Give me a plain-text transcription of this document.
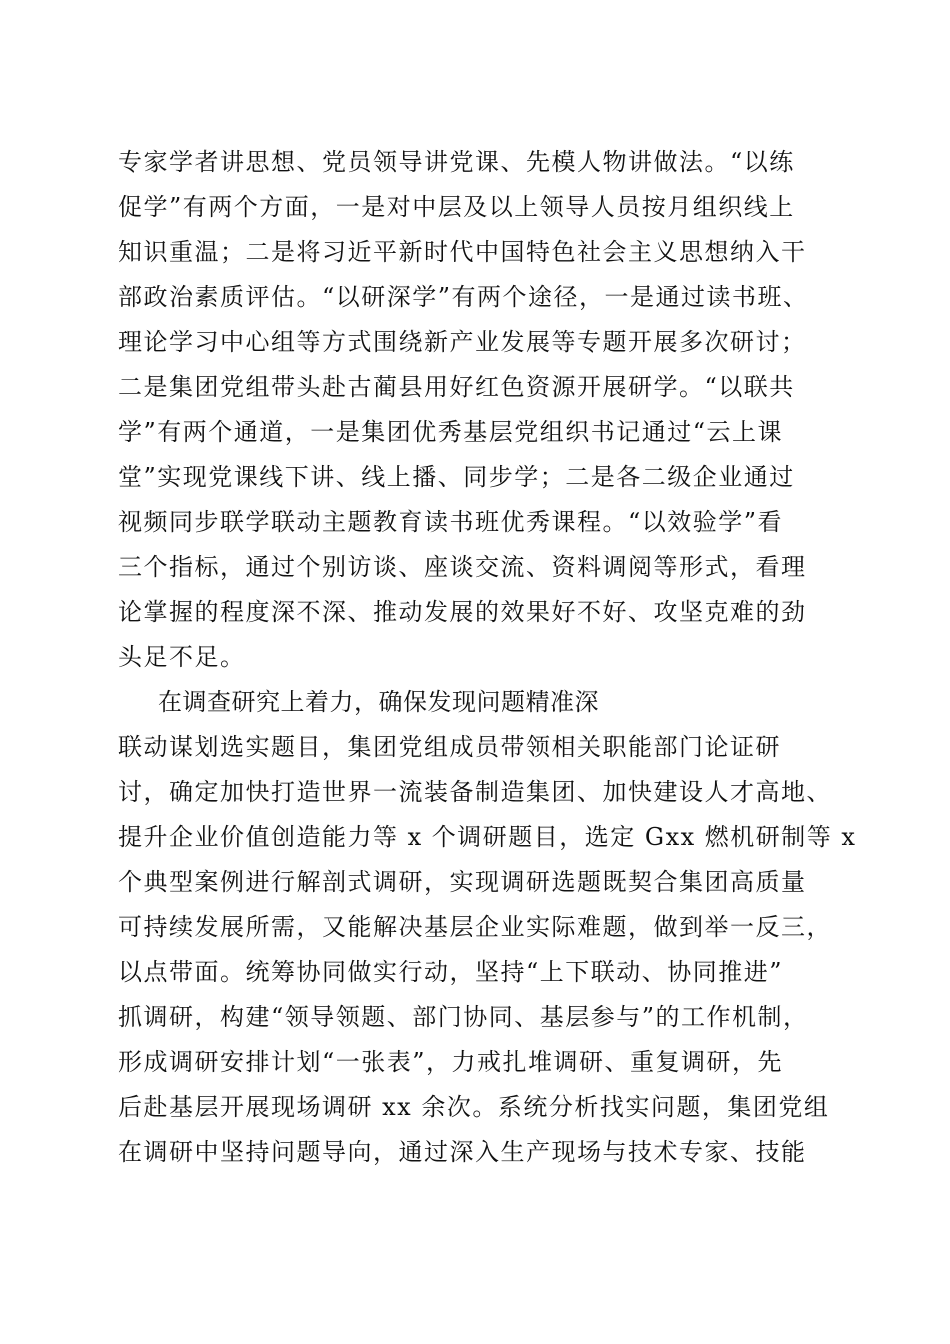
专家学者讲思想、党员领导讲党课、先模人物讲做法。“以练
促学”有两个方面，一是对中层及以上领导人员按月组织线上
知识重温；二是将习近平新时代中国特色社会主义思想纳入干
部政治素质评估。“以研深学”有两个途径，一是通过读书班、
理论学习中心组等方式围绕新产业发展等专题开展多次研讨；
二是集团党组带头赴古蔺县用好红色资源开展研学。“以联共
学”有两个通道，一是集团优秀基层党组织书记通过“云上课
堂”实现党课线下讲、线上播、同步学；二是各二级企业通过
视频同步联学联动主题教育读书班优秀课程。“以效验学”看
三个指标，通过个别访谈、座谈交流、资料调阅等形式，看理
论掌握的程度深不深、推动发展的效果好不好、攻坚克难的劲
头足不足。
在调查研究上着力，确保发现问题精准深
联动谋划选实题目，集团党组成员带领相关职能部门论证研
讨，确定加快打造世界一流装备制造集团、加快建设人才高地、
提升企业价值创造能力等 x 个调研题目，选定 Gxx 燃机研制等 x
个典型案例进行解剖式调研，实现调研选题既契合集团高质量
可持续发展所需，又能解决基层企业实际难题，做到举一反三，
以点带面。统筹协同做实行动，坚持“上下联动、协同推进”
抓调研，构建“领导领题、部门协同、基层参与”的工作机制，
形成调研安排计划“一张表”，力戒扎堆调研、重复调研，先
后赴基层开展现场调研 xx 余次。系统分析找实问题，集团党组
在调研中坚持问题导向，通过深入生产现场与技术专家、技能
